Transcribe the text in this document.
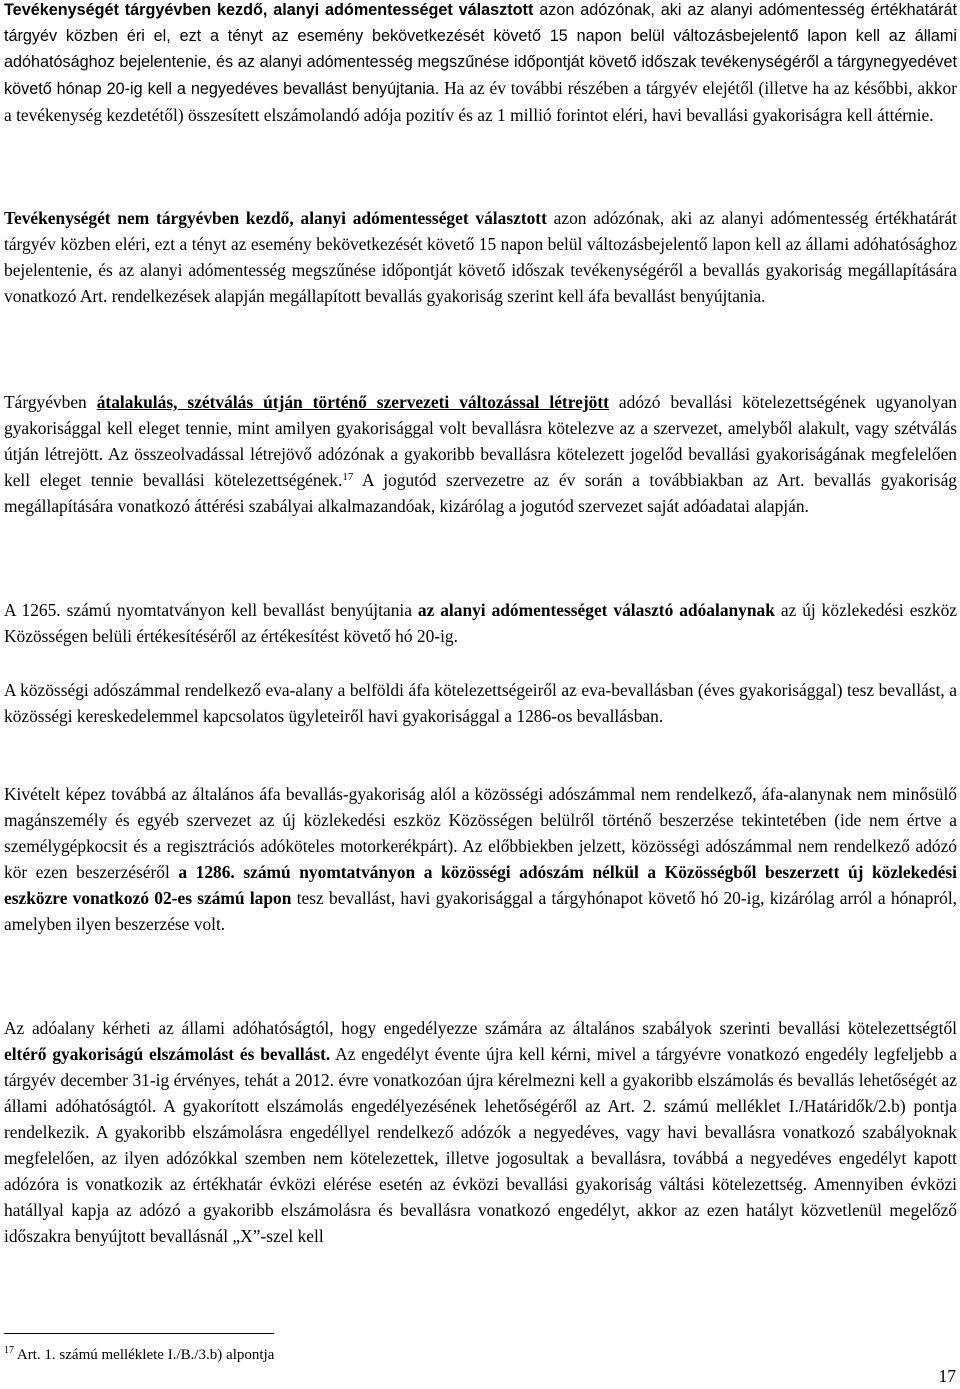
Tevékenységét tárgyévben kezdő, alanyi adómentességet választott azon adózónak, aki az alanyi adómentesség értékhatárát tárgyév közben éri el, ezt a tényt az esemény bekövetkezését követő 15 napon belül változásbejelentő lapon kell az állami adóhatósághoz bejelentenie, és az alanyi adómentesség megszűnése időpontját követő időszak tevékenységéről a tárgynegyedévet követő hónap 20-ig kell a negyedéves bevallást benyújtania. Ha az év további részében a tárgyév elejétől (illetve ha az későbbi, akkor a tevékenység kezdetétől) összesített elszámolandó adója pozitív és az 1 millió forintot eléri, havi bevallási gyakoriságra kell áttérnie.

Tevékenységét nem tárgyévben kezdő, alanyi adómentességet választott azon adózónak, aki az alanyi adómentesség értékhatárát tárgyév közben eléri, ezt a tényt az esemény bekövetkezését követő 15 napon belül változásbejelentő lapon kell az állami adóhatósághoz bejelentenie, és az alanyi adómentesség megszűnése időpontját követő időszak tevékenységéről a bevallás gyakoriság megállapítására vonatkozó Art. rendelkezések alapján megállapított bevallás gyakoriság szerint kell áfa bevallást benyújtania.

Tárgyévben átalakulás, szétválás útján történő szervezeti változással létrejött adózó bevallási kötelezettségének ugyanolyan gyakorisággal kell eleget tennie, mint amilyen gyakorisággal volt bevallásra kötelezve az a szervezet, amelyből alakult, vagy szétválás útján létrejött. Az összeolvadással létrejövő adózónak a gyakoribb bevallásra kötelezett jogelőd bevallási gyakoriságának megfelelően kell eleget tennie bevallási kötelezettségének.$^{17}$ A jogutód szervezetre az év során a továbbiakban az Art. bevallás gyakoriság megállapítására vonatkozó áttérési szabályai alkalmazandóak, kizárólag a jogutód szervezet saját adóadatai alapján.

A 1265. számú nyomtatványon kell bevallást benyújtania az alanyi adómentességet választó adóalanynak az új közlekedési eszköz Közösségen belüli értékesítéséről az értékesítést követő hó 20-ig.

A közösségi adószámmal rendelkező eva-alany a belföldi áfa kötelezettségeiről az eva-bevallásban (éves gyakorisággal) tesz bevallást, a közösségi kereskedelemmel kapcsolatos ügyleteiről havi gyakorisággal a 1286-os bevallásban.

Kivételt képez továbbá az általános áfa bevallás-gyakoriság alól a közösségi adószámmal nem rendelkező, áfa-alanynak nem minősülő magánszemély és egyéb szervezet az új közlekedési eszköz Közösségen belülről történő beszerzése tekintetében (ide nem értve a személygépkocsit és a regisztrációs adóköteles motorkerékpárt). Az előbbiekben jelzett, közösségi adószámmal nem rendelkező adózó kör ezen beszerzéséről a 1286. számú nyomtatványon a közösségi adószám nélkül a Közösségből beszerzett új közlekedési eszközre vonatkozó 02-es számú lapon tesz bevallást, havi gyakorisággal a tárgyhónapot követő hó 20-ig, kizárólag arról a hónapról, amelyben ilyen beszerzése volt.

Az adóalany kérheti az állami adóhatóságtól, hogy engedélyezze számára az általános szabályok szerinti bevallási kötelezettségtől eltérő gyakoriságú elszámolást és bevallást. Az engedélyt évente újra kell kérni, mivel a tárgyévre vonatkozó engedély legfeljebb a tárgyév december 31-ig érvényes, tehát a 2012. évre vonatkozóan újra kérelmezni kell a gyakoribb elszámolás és bevallás lehetőségét az állami adóhatóságtól. A gyakorított elszámolás engedélyezésének lehetőségéről az Art. 2. számú melléklet I./Határidők/2.b) pontja rendelkezik. A gyakoribb elszámolásra engedéllyel rendelkező adózók a negyedéves, vagy havi bevallásra vonatkozó szabályoknak megfelelően, az ilyen adózókkal szemben nem kötelezettek, illetve jogosultak a bevallásra, továbbá a negyedéves engedélyt kapott adózóra is vonatkozik az értékhatár évközi elérése esetén az évközi bevallási gyakoriság váltási kötelezettség. Amennyiben évközi hatállyal kapja az adózó a gyakoribb elszámolásra és bevallásra vonatkozó engedélyt, akkor az ezen hatályt közvetlenül megelőző időszakra benyújtott bevallásnál „X”-szel kell

$^{17}$ Art. 1. számú melléklete I./B./3.b) alpontja
17
